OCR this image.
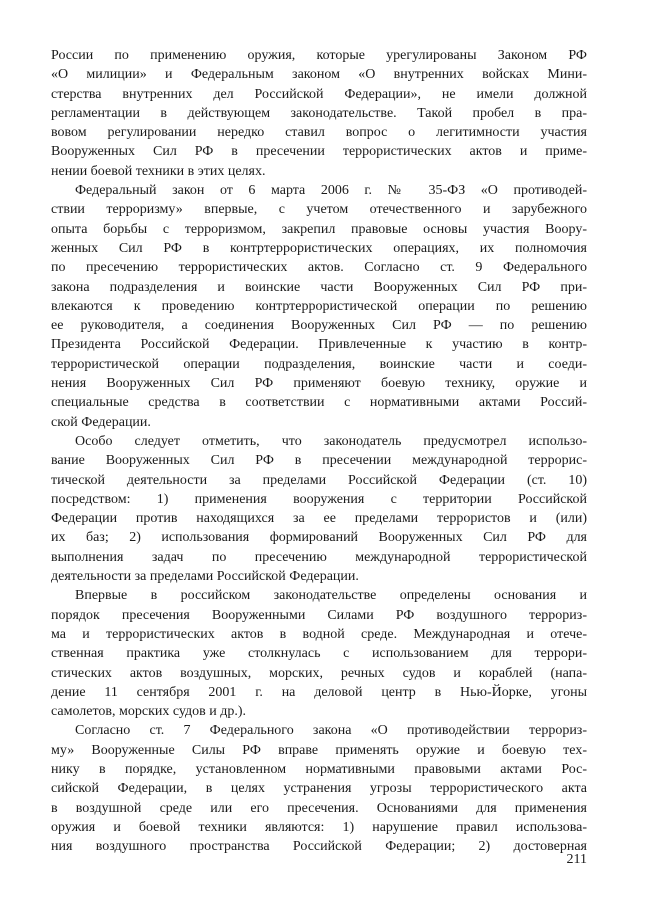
России по применению оружия, которые урегулированы Законом РФ
«О милиции» и Федеральным законом «О внутренних войсках Мини-
стерства внутренних дел Российской Федерации», не имели должной
регламентации в действующем законодательстве. Такой пробел в пра-
вовом регулировании нередко ставил вопрос о легитимности участия
Вооруженных Сил РФ в пресечении террористических актов и приме-
нении боевой техники в этих целях.
Федеральный закон от 6 марта 2006 г. № 35-ФЗ «О противодей-
ствии терроризму» впервые, с учетом отечественного и зарубежного
опыта борьбы с терроризмом, закрепил правовые основы участия Воору-
женных Сил РФ в контртеррористических операциях, их полномочия
по пресечению террористических актов. Согласно ст. 9 Федерального
закона подразделения и воинские части Вооруженных Сил РФ при-
влекаются к проведению контртеррористической операции по решению
ее руководителя, а соединения Вооруженных Сил РФ — по решению
Президента Российской Федерации. Привлеченные к участию в контр-
террористической операции подразделения, воинские части и соеди-
нения Вооруженных Сил РФ применяют боевую технику, оружие и
специальные средства в соответствии с нормативными актами Россий-
ской Федерации.
Особо следует отметить, что законодатель предусмотрел использо-
вание Вооруженных Сил РФ в пресечении международной террорис-
тической деятельности за пределами Российской Федерации (ст. 10)
посредством: 1) применения вооружения с территории Российской
Федерации против находящихся за ее пределами террористов и (или)
их баз; 2) использования формирований Вооруженных Сил РФ для
выполнения задач по пресечению международной террористической
деятельности за пределами Российской Федерации.
Впервые в российском законодательстве определены основания и
порядок пресечения Вооруженными Силами РФ воздушного террориз-
ма и террористических актов в водной среде. Международная и отече-
ственная практика уже столкнулась с использованием для террори-
стических актов воздушных, морских, речных судов и кораблей (напа-
дение 11 сентября 2001 г. на деловой центр в Нью-Йорке, угоны
самолетов, морских судов и др.).
Согласно ст. 7 Федерального закона «О противодействии террориз-
му» Вооруженные Силы РФ вправе применять оружие и боевую тех-
нику в порядке, установленном нормативными правовыми актами Рос-
сийской Федерации, в целях устранения угрозы террористического акта
в воздушной среде или его пресечения. Основаниями для применения
оружия и боевой техники являются: 1) нарушение правил использова-
ния воздушного пространства Российской Федерации; 2) достоверная
211
